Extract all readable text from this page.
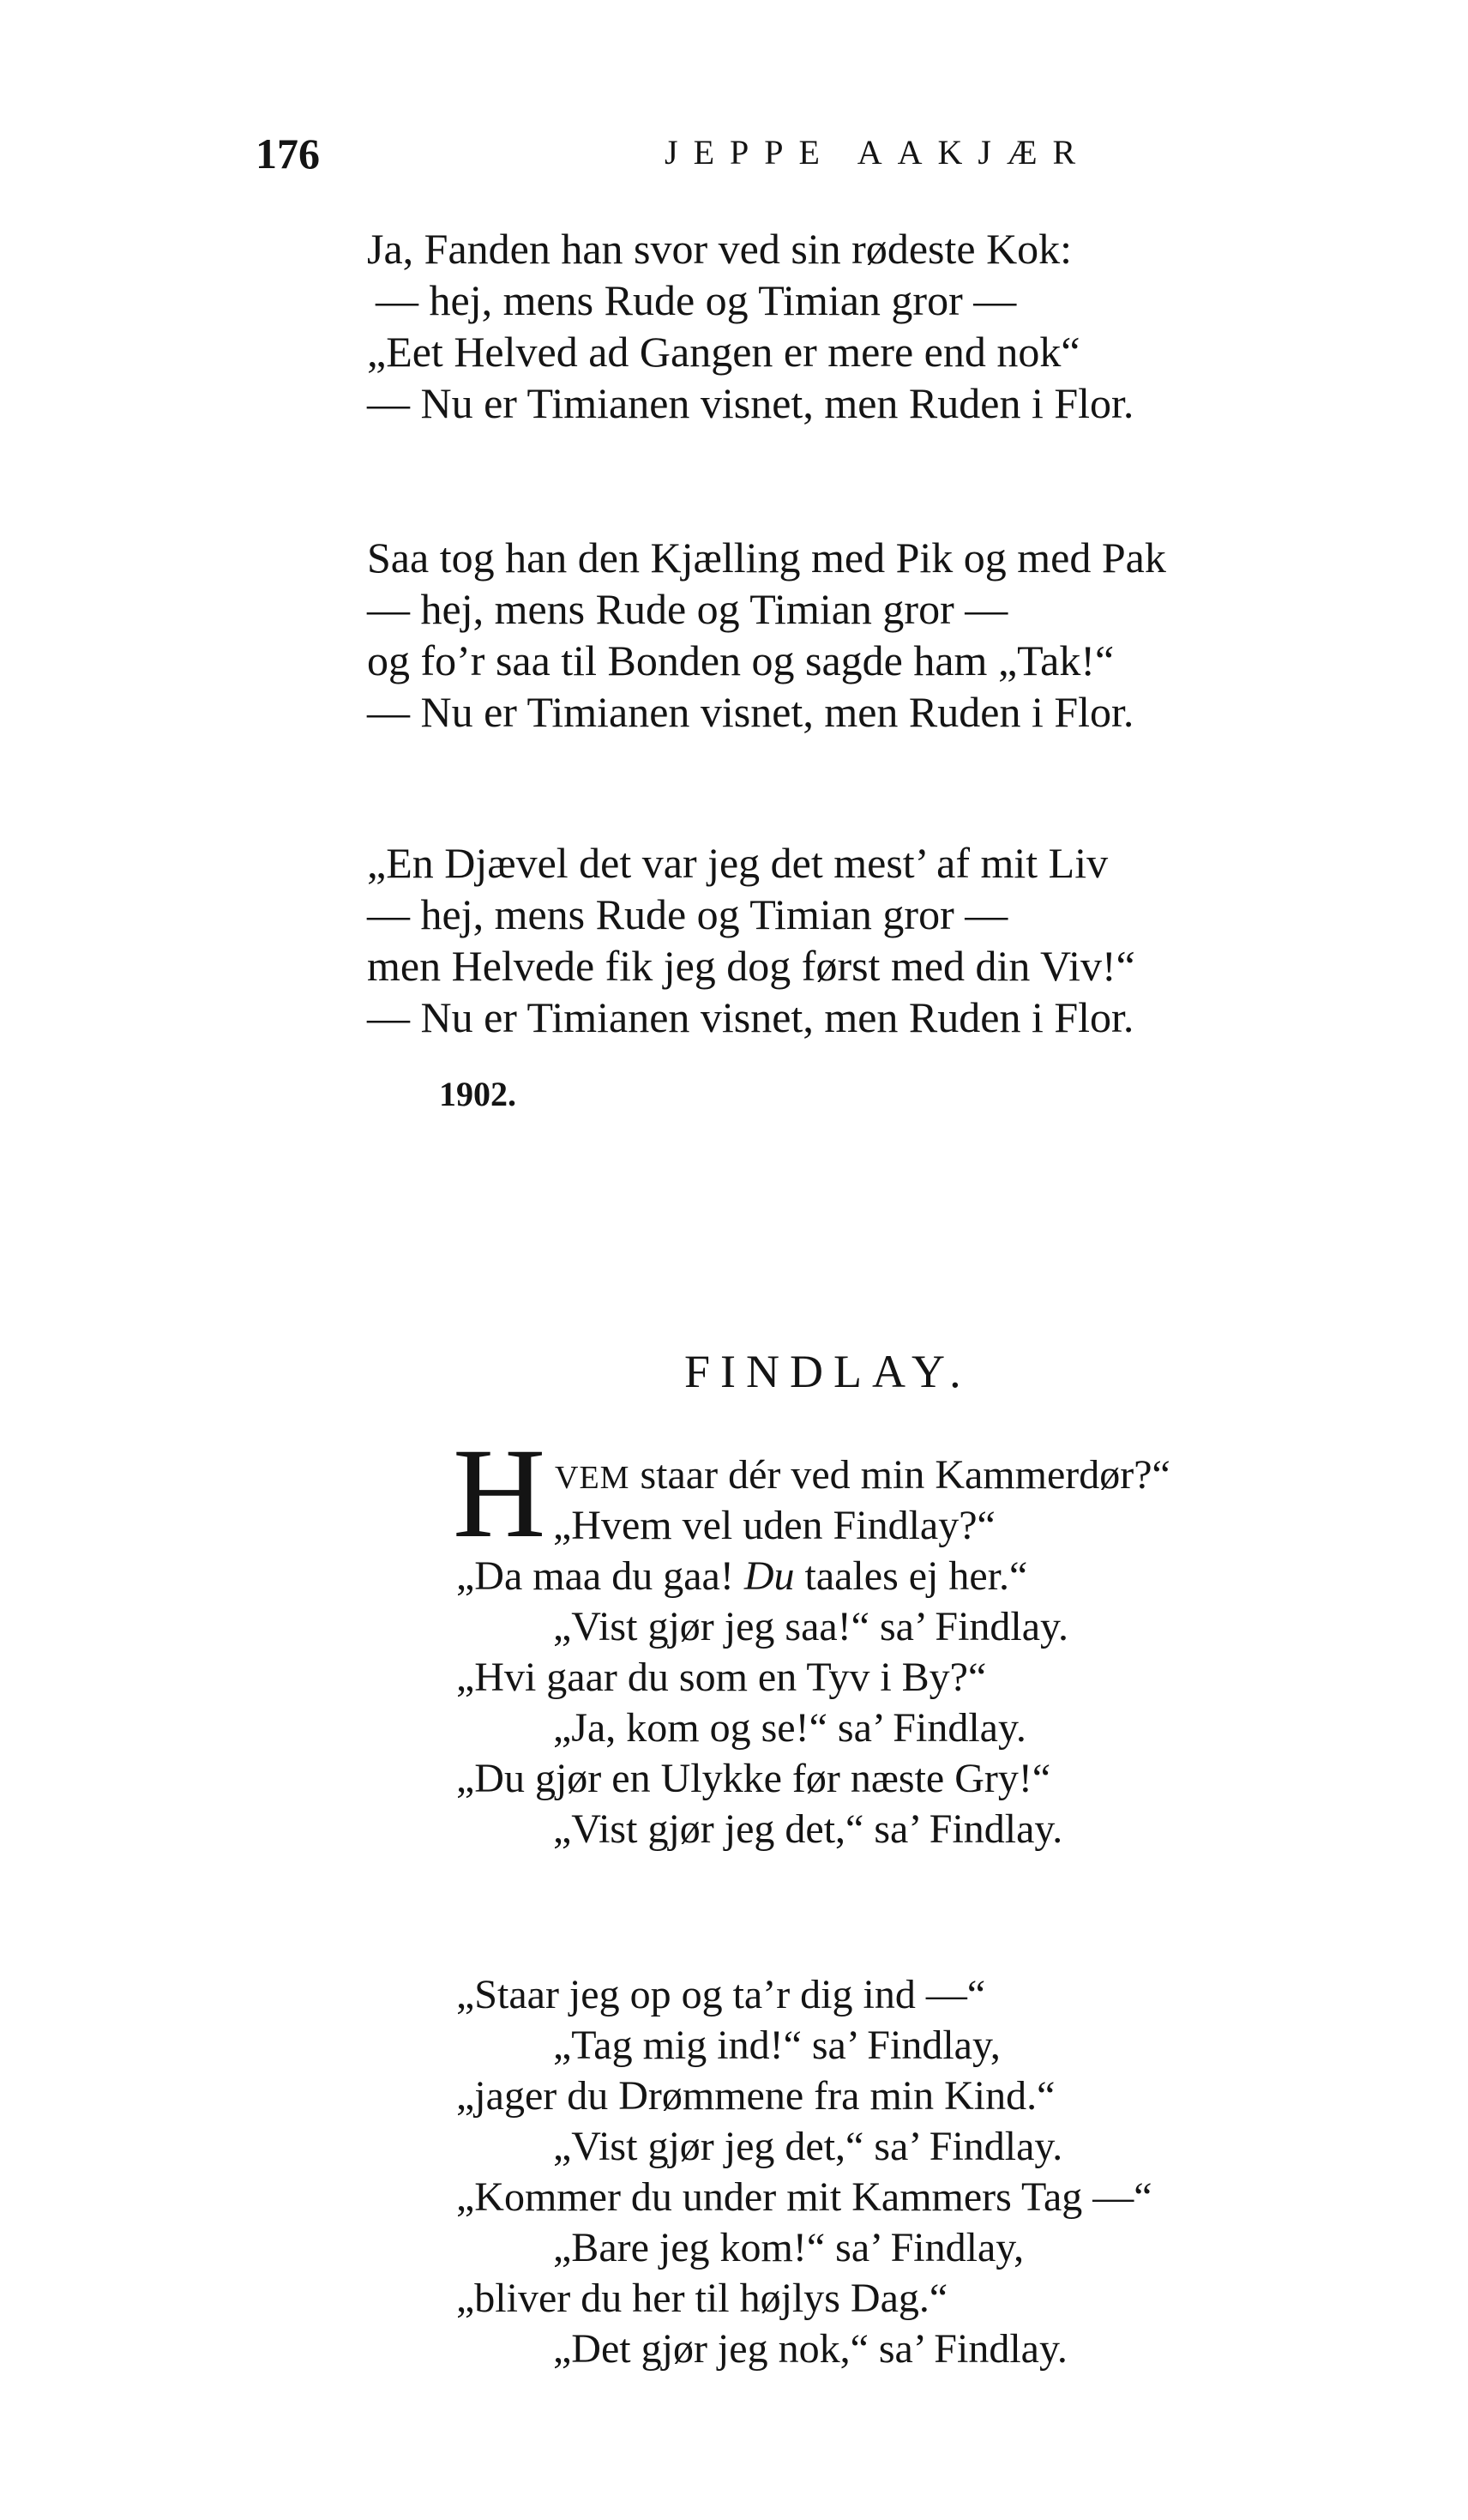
176	JEPPE AAKJÆR
Ja, Fanden han svor ved sin rødeste Kok:
— hej, mens Rude og Timian gror —
„Eet Helved ad Gangen er mere end nok“
— Nu er Timianen visnet, men Ruden i Flor.
Saa tog han den Kjælling med Pik og med Pak
— hej, mens Rude og Timian gror —
og fo’r saa til Bonden og sagde ham „Tak!“
— Nu er Timianen visnet, men Ruden i Flor.
„En Djævel det var jeg det mest’ af mit Liv
— hej, mens Rude og Timian gror —
men Helvede fik jeg dog først med din Viv!“
— Nu er Timianen visnet, men Ruden i Flor.
1902.
FINDLAY.
H VEM staar dér ved min Kammerdør?“
„Hvem vel uden Findlay?“
„Da maa du gaa! Du taales ej her.“
„Vist gjør jeg saa!“ sa’ Findlay.
„Hvi gaar du som en Tyv i By?“
„Ja, kom og se!“ sa’ Findlay.
„Du gjør en Ulykke før næste Gry!“
„Vist gjør jeg det,“ sa’ Findlay.
„Staar jeg op og ta’r dig ind —“
„Tag mig ind!“ sa’ Findlay,
„jager du Drømmene fra min Kind.“
„Vist gjør jeg det,“ sa’ Findlay.
„Kommer du under mit Kammers Tag —“
„Bare jeg kom!“ sa’ Findlay,
„bliver du her til højlys Dag.“
„Det gjør jeg nok,“ sa’ Findlay.
